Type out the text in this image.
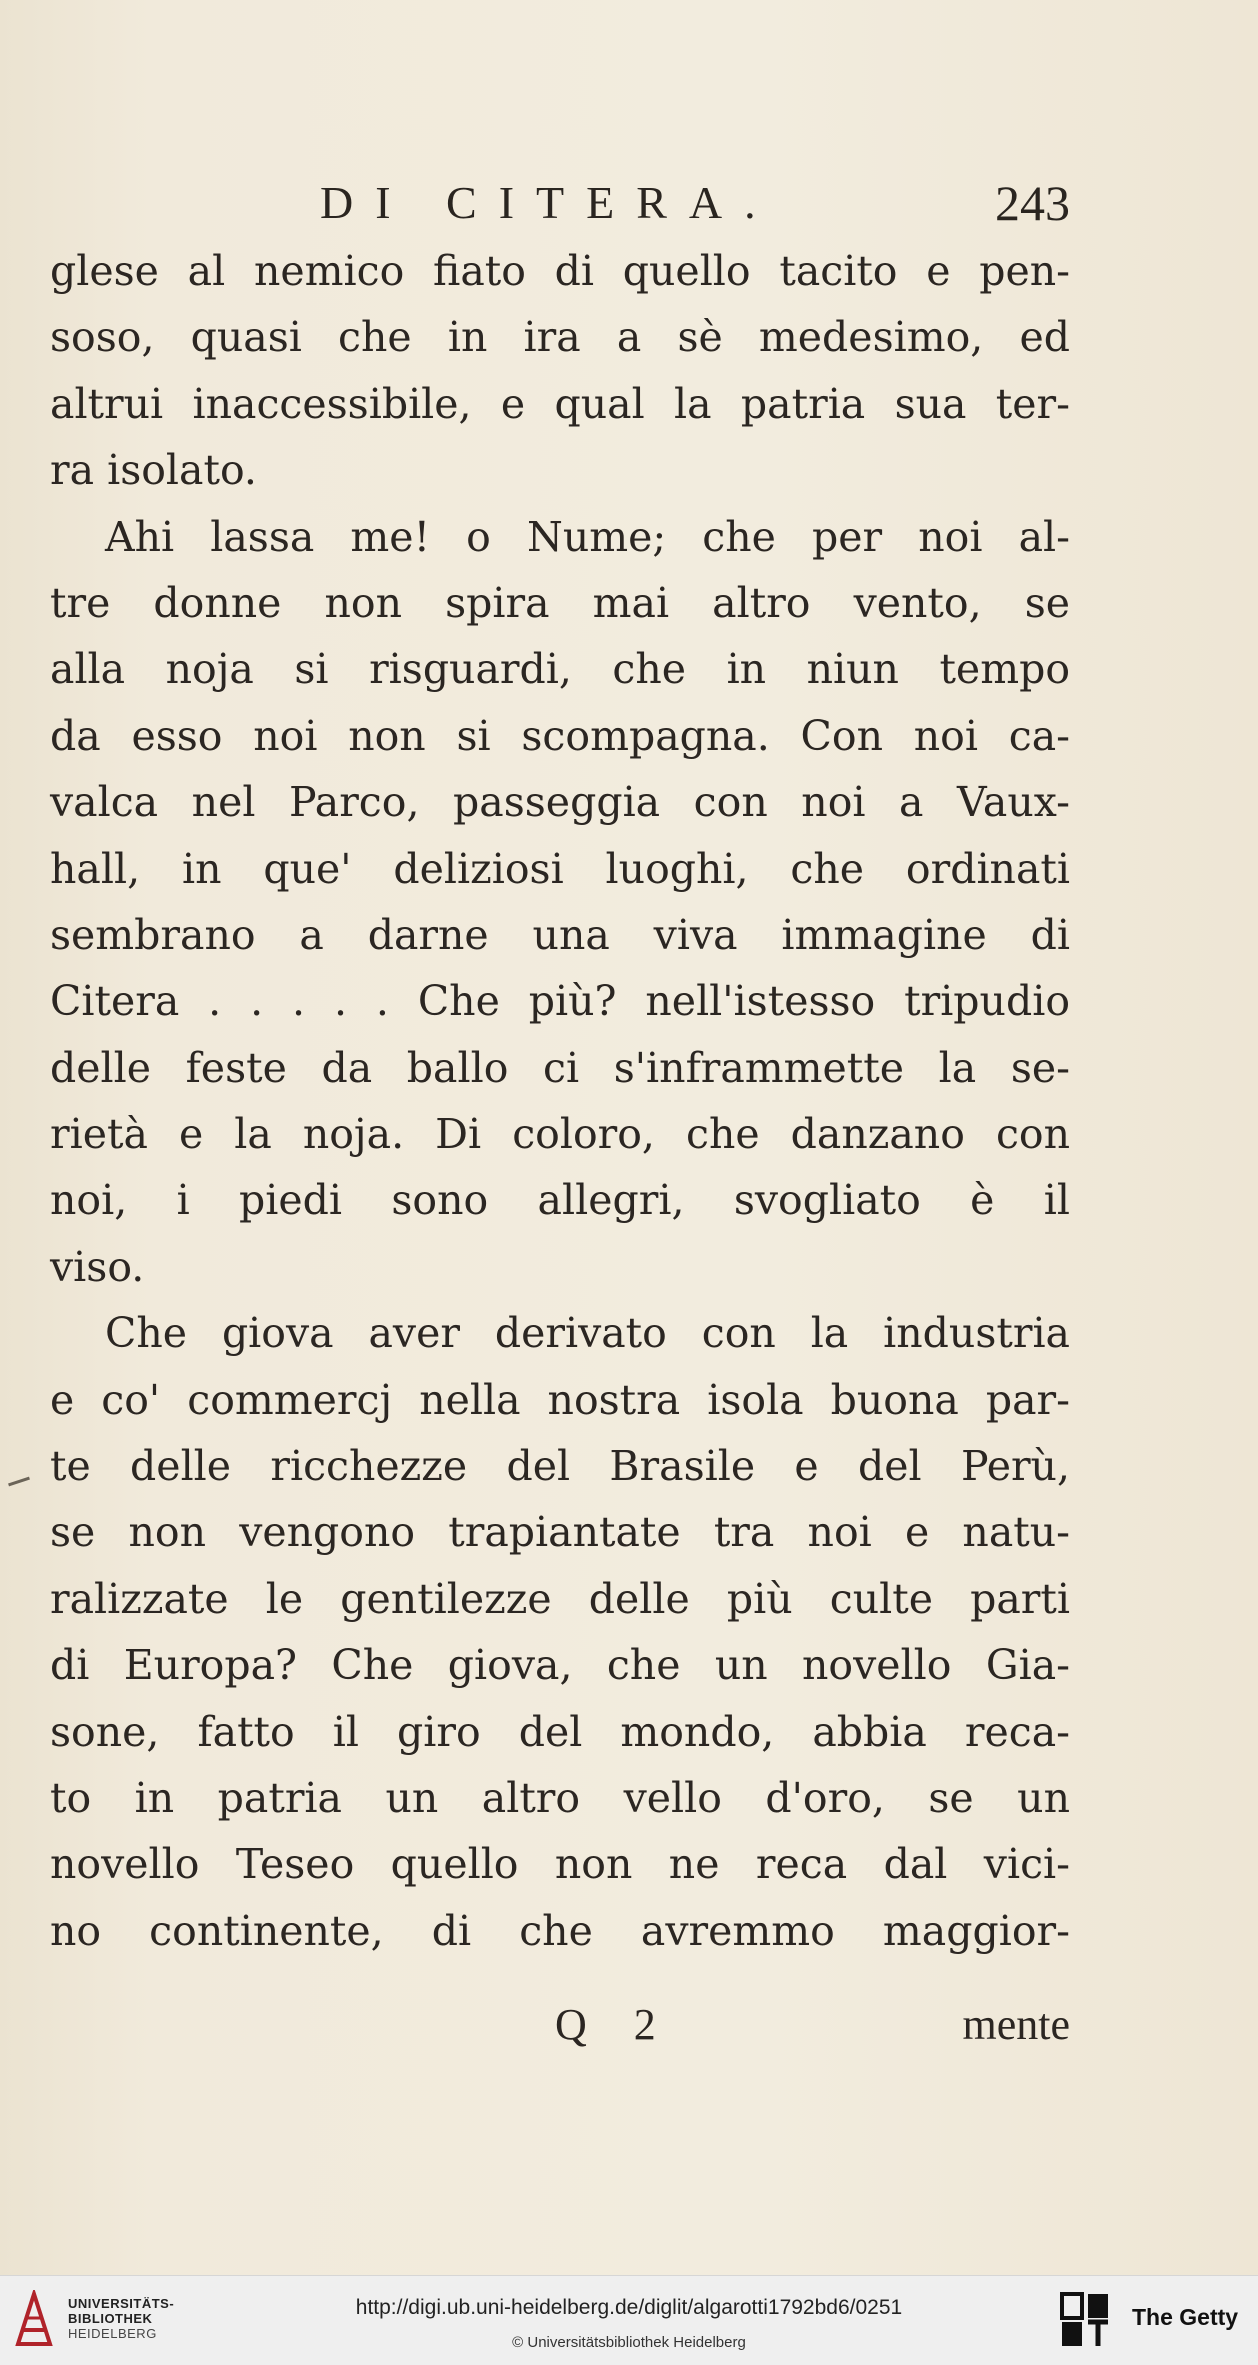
DI CITERA.	243
glese al nemico fiato di quello tacito e pen-
soso, quasi che in ira a sè medesimo, ed
altrui inaccessibile, e qual la patria sua ter-
ra isolato.
Ahi lassa me! o Nume; che per noi al-
tre donne non spira mai altro vento, se
alla noja si risguardi, che in niun tempo
da esso noi non si scompagna. Con noi ca-
valca nel Parco, passeggia con noi a Vaux-
hall, in que' deliziosi luoghi, che ordinati
sembrano a darne una viva immagine di
Citera . . . . . Che più? nell'istesso tripudio
delle feste da ballo ci s'inframmette la se-
rietà e la noja. Di coloro, che danzano con
noi, i piedi sono allegri, svogliato è il
viso.
Che giova aver derivato con la industria
e co' commercj nella nostra isola buona par-
te delle ricchezze del Brasile e del Perù,
se non vengono trapiantate tra noi e natu-
ralizzate le gentilezze delle più culte parti
di Europa? Che giova, che un novello Gia-
sone, fatto il giro del mondo, abbia reca-
to in patria un altro vello d'oro, se un
novello Teseo quello non ne reca dal vici-
no continente, di che avremmo maggior-
Q 2	mente
UNIVERSITÄTS-
BIBLIOTHEK
HEIDELBERG
http://digi.ub.uni-heidelberg.de/diglit/algarotti1792bd6/0251
© Universitätsbibliothek Heidelberg
The Getty
